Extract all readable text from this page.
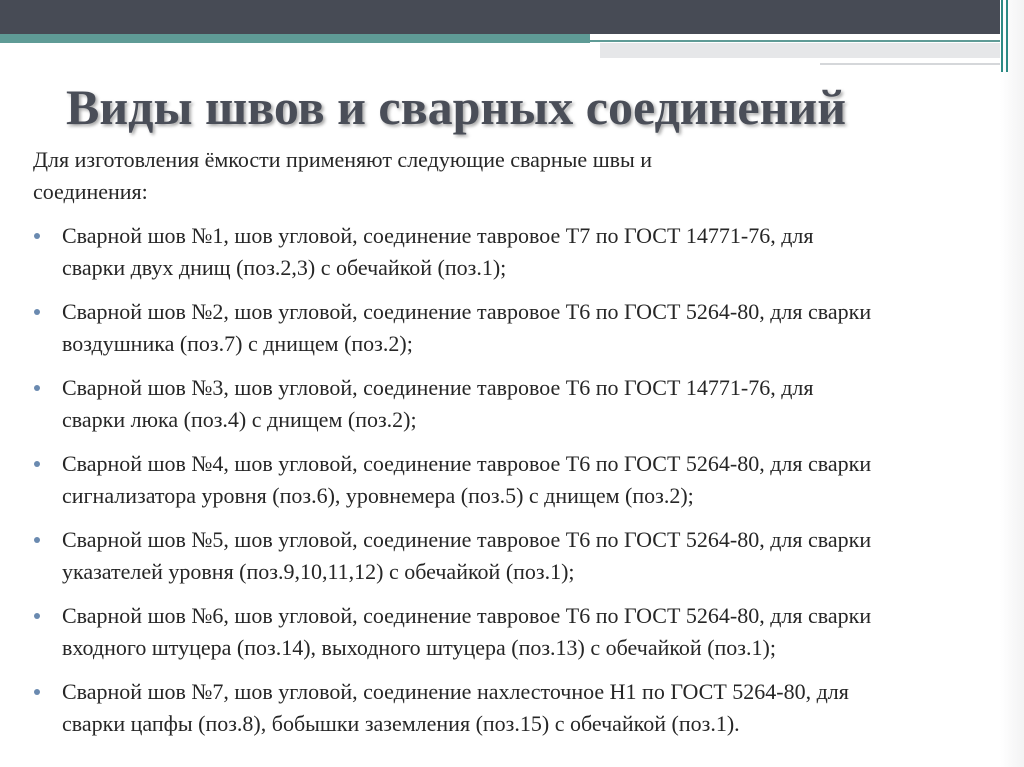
Виды швов и сварных соединений
Для изготовления ёмкости применяют следующие сварные швы и
соединения:
Сварной шов №1, шов угловой, соединение тавровое Т7 по ГОСТ 14771-76, для
сварки двух днищ (поз.2,3) с обечайкой (поз.1);
Сварной шов №2, шов угловой, соединение тавровое Т6 по ГОСТ 5264-80, для сварки
воздушника (поз.7) с днищем (поз.2);
Сварной шов №3, шов угловой, соединение тавровое Т6 по ГОСТ 14771-76, для
сварки люка (поз.4) с днищем (поз.2);
Сварной шов №4, шов угловой, соединение тавровое Т6 по ГОСТ 5264-80, для сварки
сигнализатора уровня (поз.6), уровнемера (поз.5) с днищем (поз.2);
Сварной шов №5, шов угловой, соединение тавровое Т6 по ГОСТ 5264-80, для сварки
указателей уровня (поз.9,10,11,12) с обечайкой (поз.1);
Сварной шов №6, шов угловой, соединение тавровое Т6 по ГОСТ 5264-80, для сварки
входного штуцера (поз.14), выходного штуцера (поз.13) с обечайкой (поз.1);
Сварной шов №7, шов угловой, соединение нахлесточное Н1 по ГОСТ 5264-80, для
сварки цапфы (поз.8), бобышки заземления (поз.15) с обечайкой (поз.1).
